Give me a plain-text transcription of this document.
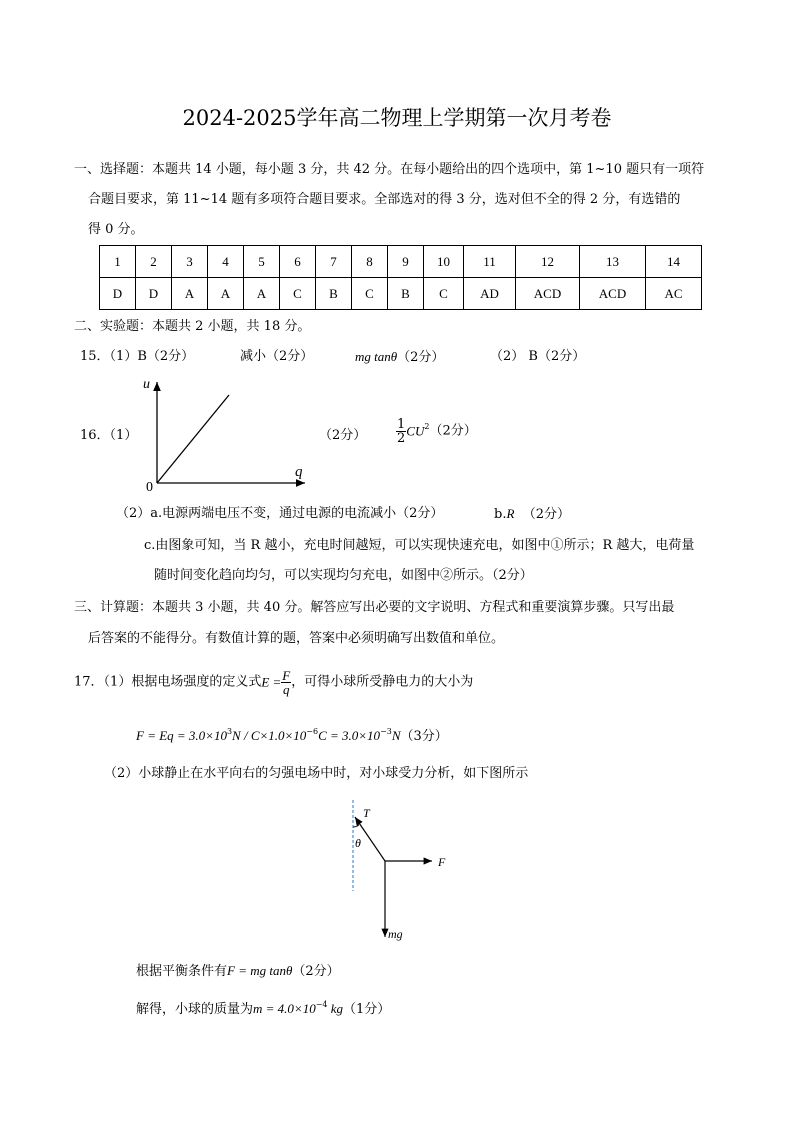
2024-2025学年高二物理上学期第一次月考卷
一、选择题：本题共 14 小题，每小题 3 分，共 42 分。在每小题给出的四个选项中，第 1~10 题只有一项符
合题目要求，第 11~14 题有多项符合题目要求。全部选对的得 3 分，选对但不全的得 2 分，有选错的
得 0 分。
1	2	3	4	5	6	7	8	9	10	11	12	13	14
D	D	A	A	A	C	B	C	B	C	AD	ACD	ACD	AC
二、实验题：本题共 2 小题，共 18 分。
15．（1）B（2分）	减小（2分）	mg tanθ（2分）	（2） B（2分）
16．（1）
u
q
0
（2分） $\frac{1}{2} CU^2(2$分）
（2）a.电源两端电压不变，通过电源的电流减小（2分）	b.R （2分）
c.由图象可知，当 R 越小，充电时间越短，可以实现快速充电，如图中①所示；R 越大，电荷量
随时间变化趋向均匀，可以实现均匀充电，如图中②所示。（2分）
三、计算题：本题共 3 小题，共 40 分。解答应写出必要的文字说明、方程式和重要演算步骤。只写出最
后答案的不能得分。有数值计算的题，答案中必须明确写出数值和单位。
17．（1）根据电场强度的定义式$E = \frac{F}{q}$ ，可得小球所受静电力的大小为
$F = Eq = 3.0\times 10^3N / C\times 1.0\times 10^{-6}C = 3.0\times 10^{-3}N(3$分）
（2）小球静止在水平向右的匀强电场中时，对小球受力分析，如下图所示
T
θ
F
mg
根据平衡条件有F = mg tanθ（2分）
解得，小球的质量为$m = 4.0\times 10^{-4}$ kg（1分）
